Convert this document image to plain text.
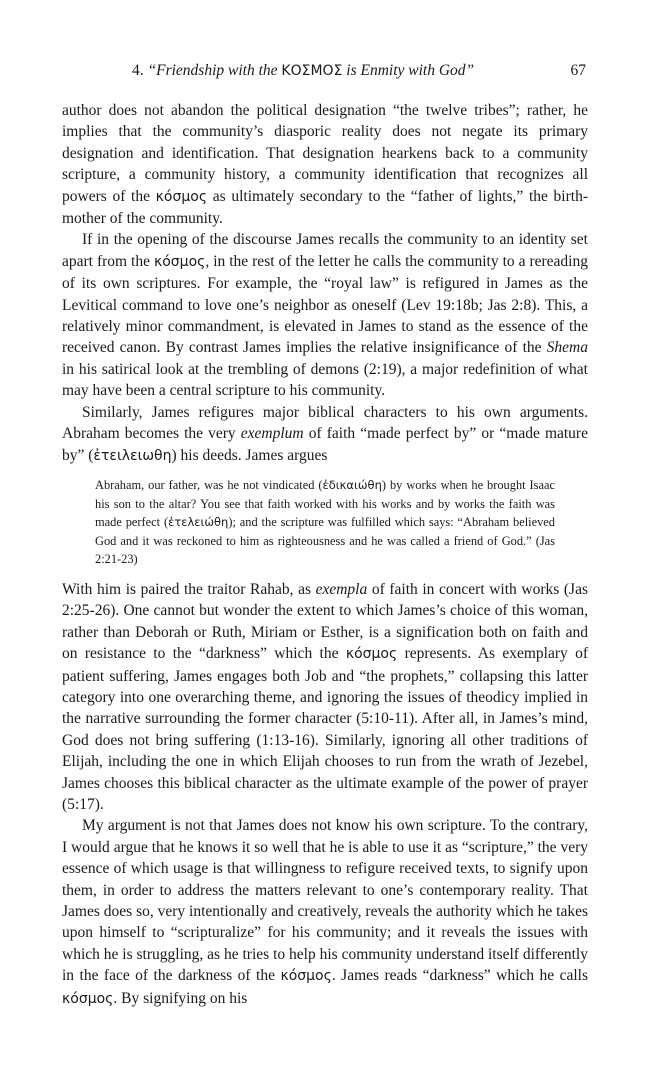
4. “Friendship with the ΚΟΣΜΟΣ is Enmity with God”	67

author does not abandon the political designation “the twelve tribes”; rather, he implies that the community’s diasporic reality does not negate its primary designation and identification. That designation hearkens back to a community scripture, a community history, a community identification that recognizes all powers of the κόσμος as ultimately secondary to the “father of lights,” the birth-mother of the community.

If in the opening of the discourse James recalls the community to an identity set apart from the κόσμος, in the rest of the letter he calls the community to a rereading of its own scriptures. For example, the “royal law” is refigured in James as the Levitical command to love one’s neighbor as oneself (Lev 19:18b; Jas 2:8). This, a relatively minor commandment, is elevated in James to stand as the essence of the received canon. By contrast James implies the relative insignificance of the Shema in his satirical look at the trembling of demons (2:19), a major redefinition of what may have been a central scripture to his community.

Similarly, James refigures major biblical characters to his own arguments. Abraham becomes the very exemplum of faith “made perfect by” or “made mature by” (ἐτειλειωθη) his deeds. James argues

Abraham, our father, was he not vindicated (ἐδικαιώθη) by works when he brought Isaac his son to the altar? You see that faith worked with his works and by works the faith was made perfect (ἐτελειώθη); and the scripture was fulfilled which says: “Abraham believed God and it was reckoned to him as righteousness and he was called a friend of God.” (Jas 2:21-23)

With him is paired the traitor Rahab, as exempla of faith in concert with works (Jas 2:25-26). One cannot but wonder the extent to which James’s choice of this woman, rather than Deborah or Ruth, Miriam or Esther, is a signification both on faith and on resistance to the “darkness” which the κόσμος represents. As exemplary of patient suffering, James engages both Job and “the prophets,” collapsing this latter category into one overarching theme, and ignoring the issues of theodicy implied in the narrative surrounding the former character (5:10-11). After all, in James’s mind, God does not bring suffering (1:13-16). Similarly, ignoring all other traditions of Elijah, including the one in which Elijah chooses to run from the wrath of Jezebel, James chooses this biblical character as the ultimate example of the power of prayer (5:17).

My argument is not that James does not know his own scripture. To the contrary, I would argue that he knows it so well that he is able to use it as “scripture,” the very essence of which usage is that willingness to refigure received texts, to signify upon them, in order to address the matters relevant to one’s contemporary reality. That James does so, very intentionally and creatively, reveals the authority which he takes upon himself to “scripturalize” for his community; and it reveals the issues with which he is struggling, as he tries to help his community understand itself differently in the face of the darkness of the κόσμος. James reads “darkness” which he calls κόσμος. By signifying on his
